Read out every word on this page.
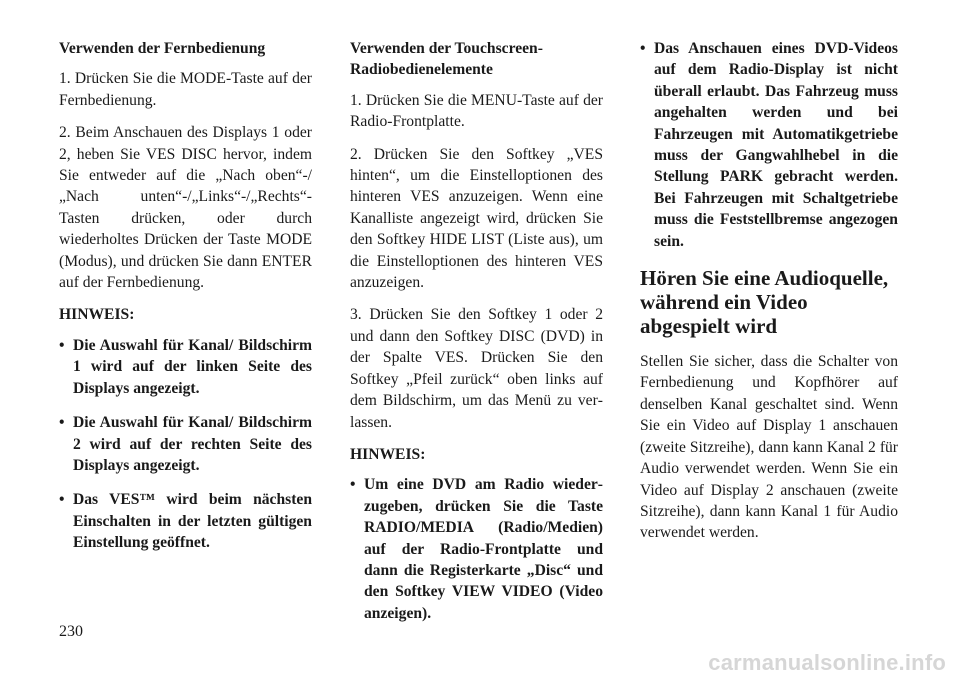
Verwenden der Fernbedienung

1. Drücken Sie die MODE-Taste auf der Fernbedienung.

2. Beim Anschauen des Displays 1 oder 2, heben Sie VES DISC hervor, indem Sie entweder auf die „Nach oben“-/„Nach unten“-/„Links“-/„Rechts“-Tasten drücken, oder durch wiederholtes Drücken der Taste MODE (Modus), und drücken Sie dann ENTER auf der Fernbedienung.

HINWEIS:

• Die Auswahl für Kanal/ Bildschirm 1 wird auf der linken Seite des Displays angezeigt.
• Die Auswahl für Kanal/ Bildschirm 2 wird auf der rechten Seite des Displays angezeigt.
• Das VES™ wird beim nächsten Einschalten in der letzten gültigen Einstellung geöffnet.

Verwenden der Touchscreen-Radiobedienelemente

1. Drücken Sie die MENU-Taste auf der Radio-Frontplatte.

2. Drücken Sie den Softkey „VES hinten“, um die Einstelloptionen des hinteren VES anzuzeigen. Wenn eine Kanalliste angezeigt wird, drücken Sie den Softkey HIDE LIST (Liste aus), um die Einstelloptionen des hinteren VES anzuzeigen.

3. Drücken Sie den Softkey 1 oder 2 und dann den Softkey DISC (DVD) in der Spalte VES. Drücken Sie den Softkey „Pfeil zurück“ oben links auf dem Bildschirm, um das Menü zu verlassen.

HINWEIS:

• Um eine DVD am Radio wiederzugeben, drücken Sie die Taste RADIO/MEDIA (Radio/Medien) auf der Radio-Frontplatte und dann die Registerkarte „Disc“ und den Softkey VIEW VIDEO (Video anzeigen).
• Das Anschauen eines DVD-Videos auf dem Radio-Display ist nicht überall erlaubt. Das Fahrzeug muss angehalten werden und bei Fahrzeugen mit Automatikgetriebe muss der Gangwahlhebel in die Stellung PARK gebracht werden. Bei Fahrzeugen mit Schaltgetriebe muss die Feststellbremse angezogen sein.
Hören Sie eine Audioquelle, während ein Video abgespielt wird

Stellen Sie sicher, dass die Schalter von Fernbedienung und Kopfhörer auf denselben Kanal geschaltet sind. Wenn Sie ein Video auf Display 1 anschauen (zweite Sitzreihe), dann kann Kanal 2 für Audio verwendet werden. Wenn Sie ein Video auf Display 2 anschauen (zweite Sitzreihe), dann kann Kanal 1 für Audio verwendet werden.

230
carmanualsonline.info
